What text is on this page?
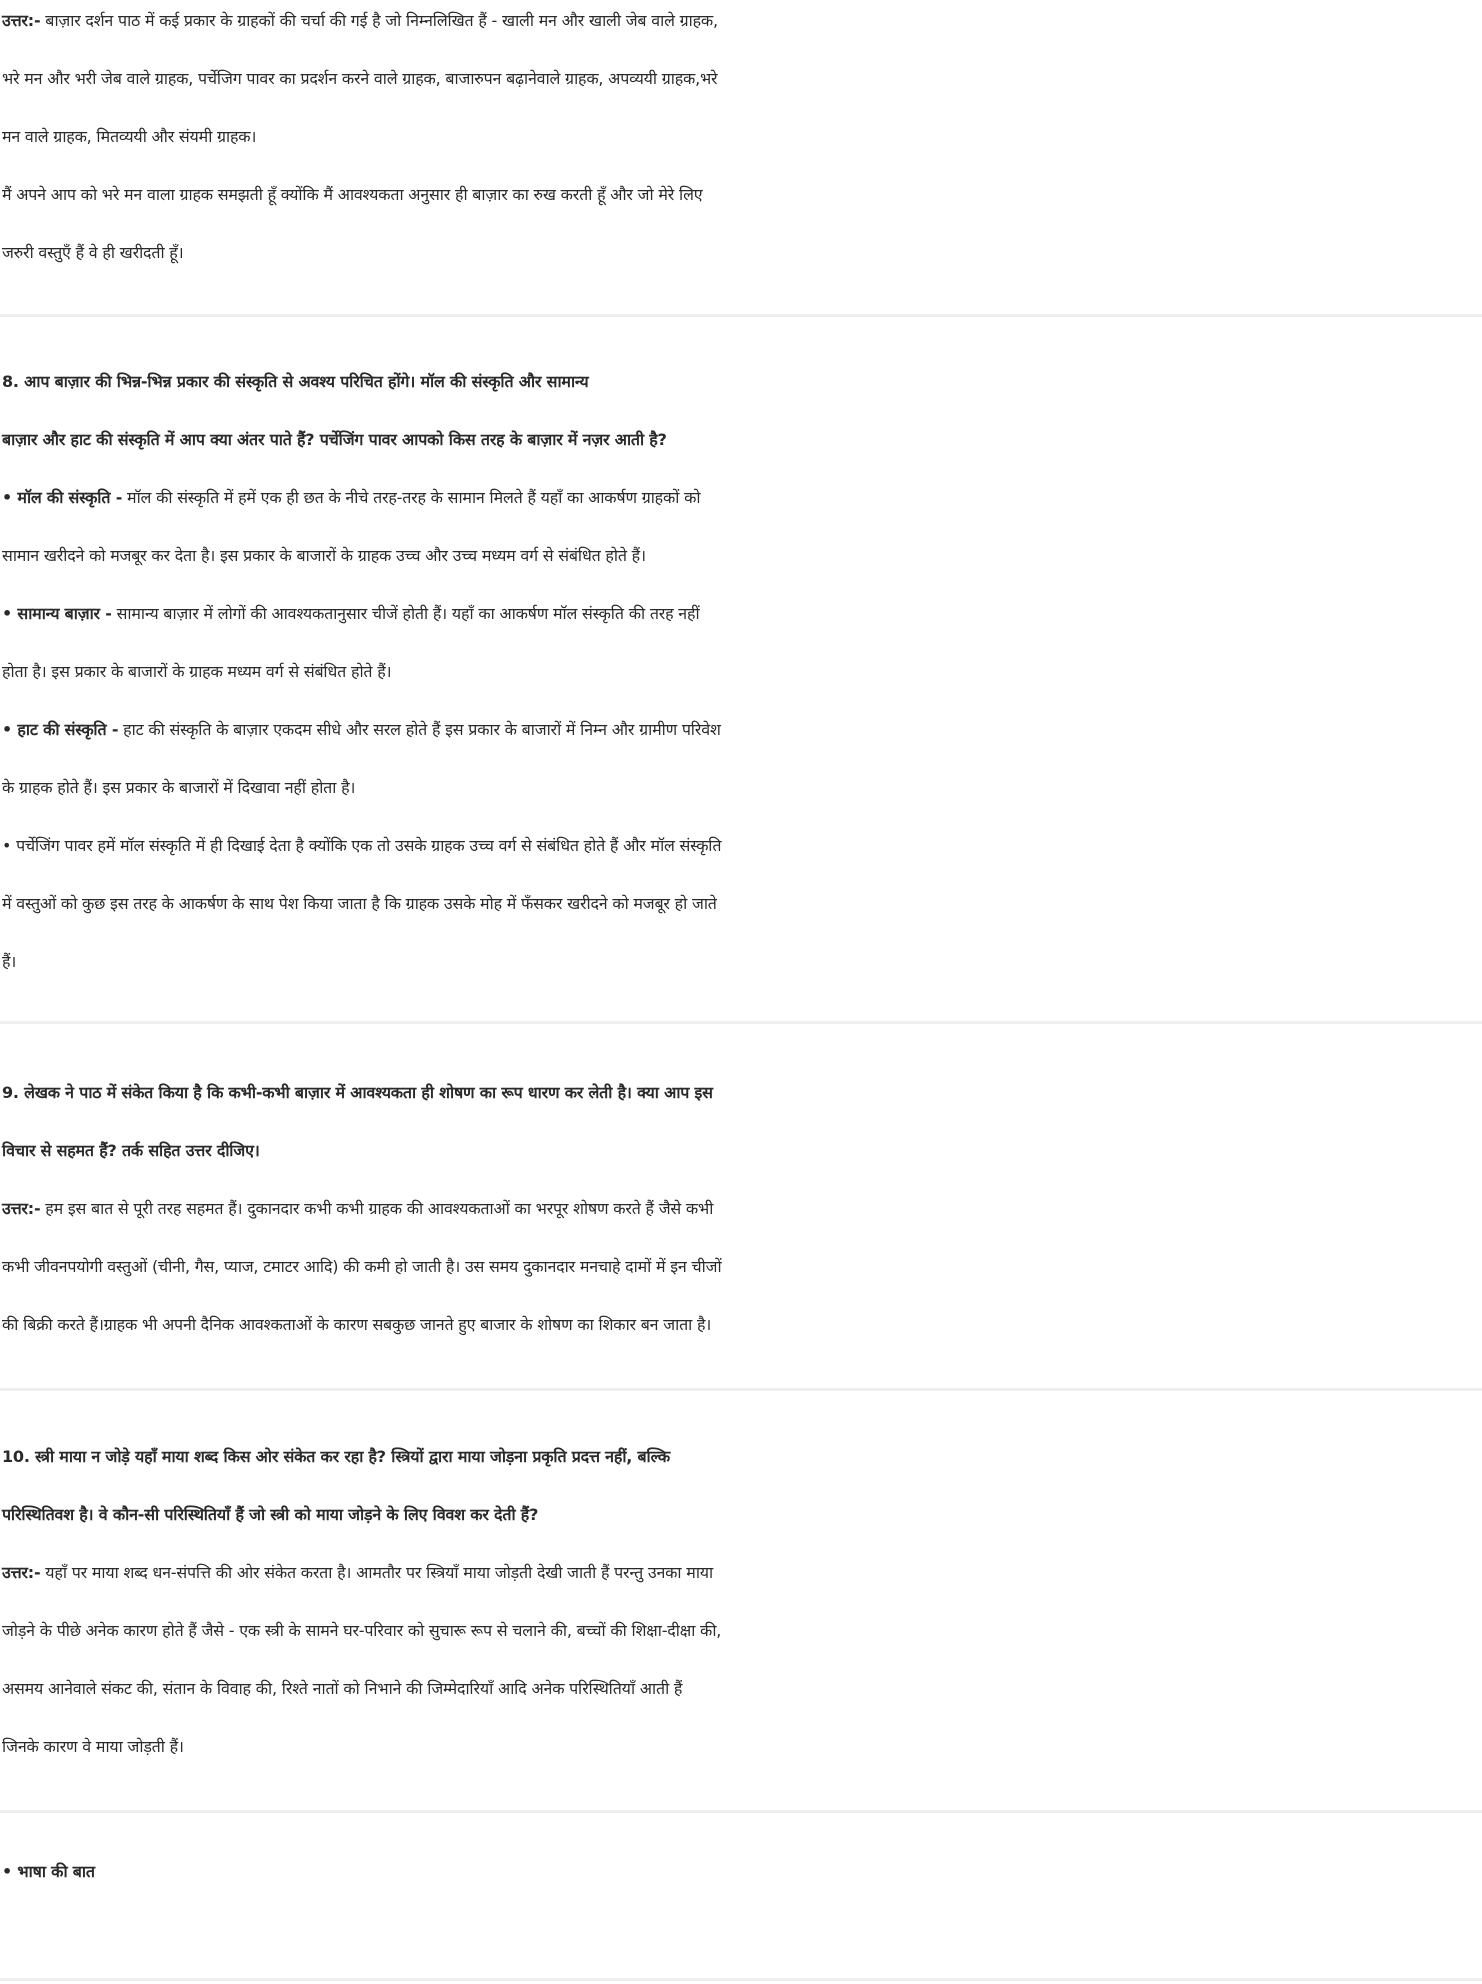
उत्तर:- बाज़ार दर्शन पाठ में कई प्रकार के ग्राहकों की चर्चा की गई है जो निम्नलिखित हैं - खाली मन और खाली जेब वाले ग्राहक,
भरे मन और भरी जेब वाले ग्राहक, पर्चेजिग पावर का प्रदर्शन करने वाले ग्राहक, बाजारुपन बढ़ानेवाले ग्राहक, अपव्ययी ग्राहक,भरे
मन वाले ग्राहक, मितव्ययी और संयमी ग्राहक।
मैं अपने आप को भरे मन वाला ग्राहक समझती हूँ क्योंकि मैं आवश्यकता अनुसार ही बाज़ार का रुख करती हूँ और जो मेरे लिए
जरुरी वस्तुएँ हैं वे ही खरीदती हूँ।
8. आप बाज़ार की भिन्न-भिन्न प्रकार की संस्कृति से अवश्य परिचित होंगे। मॉल की संस्कृति और सामान्य
बाज़ार और हाट की संस्कृति में आप क्या अंतर पाते हैं? पर्चेजिंग पावर आपको किस तरह के बाज़ार में नज़र आती है?
• मॉल की संस्कृति - मॉल की संस्कृति में हमें एक ही छत के नीचे तरह-तरह के सामान मिलते हैं यहाँ का आकर्षण ग्राहकों को
सामान खरीदने को मजबूर कर देता है। इस प्रकार के बाजारों के ग्राहक उच्च और उच्च मध्यम वर्ग से संबंधित होते हैं।
• सामान्य बाज़ार - सामान्य बाज़ार में लोगों की आवश्यकतानुसार चीजें होती हैं। यहाँ का आकर्षण मॉल संस्कृति की तरह नहीं
होता है। इस प्रकार के बाजारों के ग्राहक मध्यम वर्ग से संबंधित होते हैं।
• हाट की संस्कृति - हाट की संस्कृति के बाज़ार एकदम सीधे और सरल होते हैं इस प्रकार के बाजारों में निम्न और ग्रामीण परिवेश
के ग्राहक होते हैं। इस प्रकार के बाजारों में दिखावा नहीं होता है।
• पर्चेजिंग पावर हमें मॉल संस्कृति में ही दिखाई देता है क्योंकि एक तो उसके ग्राहक उच्च वर्ग से संबंधित होते हैं और मॉल संस्कृति
में वस्तुओं को कुछ इस तरह के आकर्षण के साथ पेश किया जाता है कि ग्राहक उसके मोह में फँसकर खरीदने को मजबूर हो जाते
हैं।
9. लेखक ने पाठ में संकेत किया है कि कभी-कभी बाज़ार में आवश्यकता ही शोषण का रूप धारण कर लेती है। क्या आप इस
विचार से सहमत हैं? तर्क सहित उत्तर दीजिए।
उत्तर:- हम इस बात से पूरी तरह सहमत हैं। दुकानदार कभी कभी ग्राहक की आवश्यकताओं का भरपूर शोषण करते हैं जैसे कभी
कभी जीवनपयोगी वस्तुओं (चीनी, गैस, प्याज, टमाटर आदि) की कमी हो जाती है। उस समय दुकानदार मनचाहे दामों में इन चीजों
की बिक्री करते हैं।ग्राहक भी अपनी दैनिक आवश्कताओं के कारण सबकुछ जानते हुए बाजार के शोषण का शिकार बन जाता है।
10. स्त्री माया न जोड़े यहाँ माया शब्द किस ओर संकेत कर रहा है? स्त्रियों द्वारा माया जोड़ना प्रकृति प्रदत्त नहीं, बल्कि
परिस्थितिवश है। वे कौन-सी परिस्थितियाँ हैं जो स्त्री को माया जोड़ने के लिए विवश कर देती हैं?
उत्तर:- यहाँ पर माया शब्द धन-संपत्ति की ओर संकेत करता है। आमतौर पर स्त्रियाँ माया जोड़ती देखी जाती हैं परन्तु उनका माया
जोड़ने के पीछे अनेक कारण होते हैं जैसे - एक स्त्री के सामने घर-परिवार को सुचारू रूप से चलाने की, बच्चों की शिक्षा-दीक्षा की,
असमय आनेवाले संकट की, संतान के विवाह की, रिश्ते नातों को निभाने की जिम्मेदारियाँ आदि अनेक परिस्थितियाँ आती हैं
जिनके कारण वे माया जोड़ती हैं।
• भाषा की बात
